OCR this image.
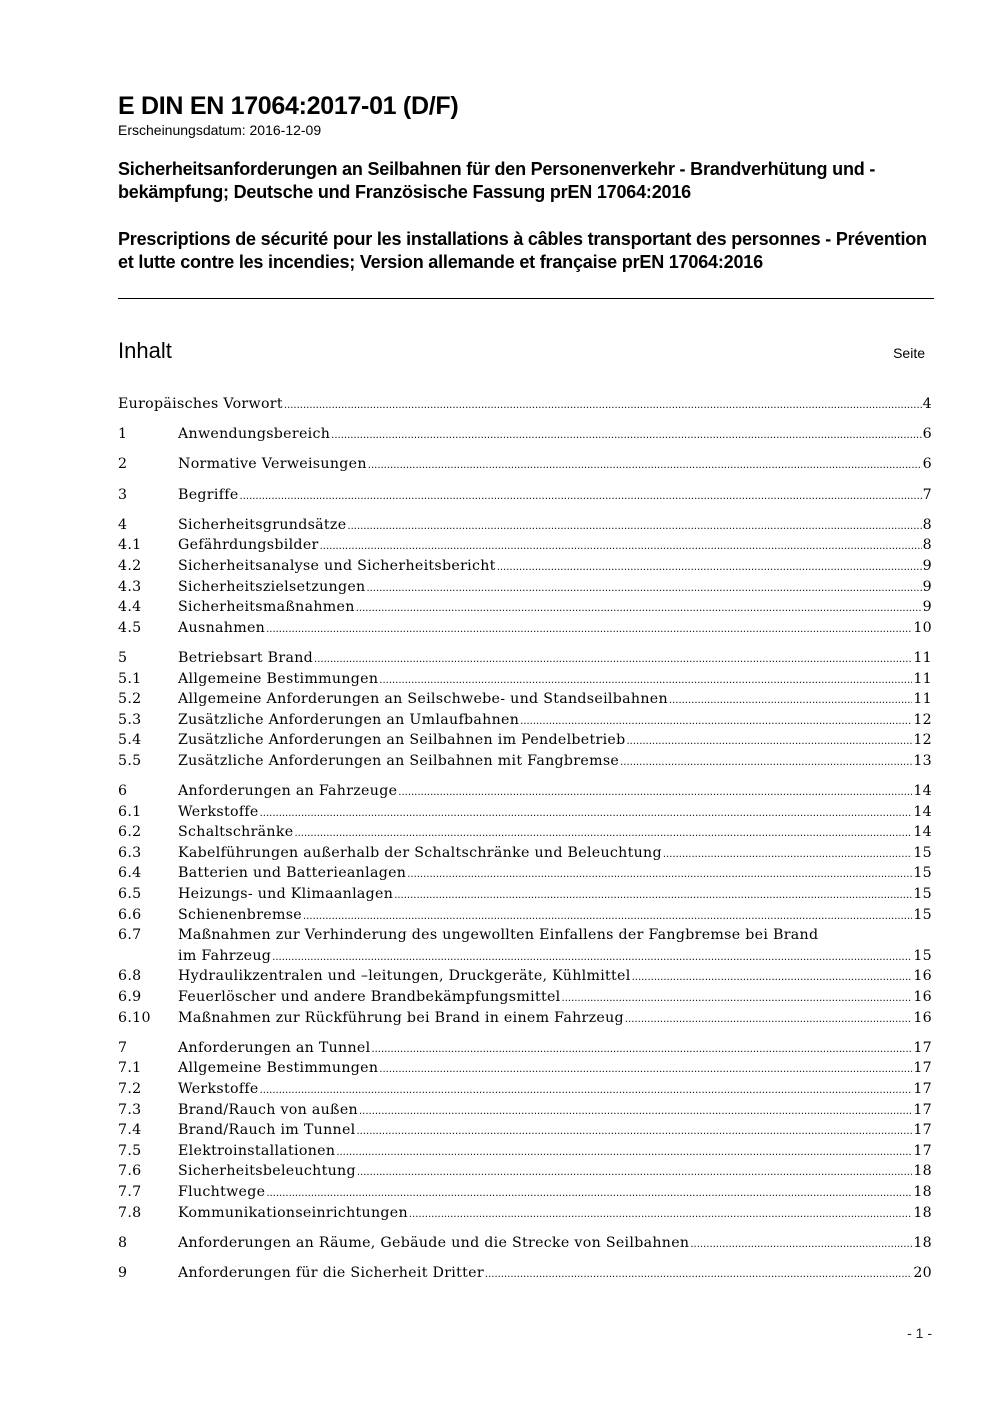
E DIN EN 17064:2017-01 (D/F)
Erscheinungsdatum: 2016-12-09
Sicherheitsanforderungen an Seilbahnen für den Personenverkehr - Brandverhütung und -bekämpfung; Deutsche und Französische Fassung prEN 17064:2016
Prescriptions de sécurité pour les installations à câbles transportant des personnes - Prévention et lutte contre les incendies; Version allemande et française prEN 17064:2016
Inhalt	Seite
Europäisches Vorwort .....	4
1	Anwendungsbereich .....	6
2	Normative Verweisungen .....	6
3	Begriffe .....	7
4	Sicherheitsgrundsätze .....	8
4.1	Gefährdungsbilder .....	8
4.2	Sicherheitsanalyse und Sicherheitsbericht .....	9
4.3	Sicherheitszielsetzungen .....	9
4.4	Sicherheitsmaßnahmen .....	9
4.5	Ausnahmen .....	10
5	Betriebsart Brand .....	11
5.1	Allgemeine Bestimmungen .....	11
5.2	Allgemeine Anforderungen an Seilschwebe- und Standseilbahnen .....	11
5.3	Zusätzliche Anforderungen an Umlaufbahnen .....	12
5.4	Zusätzliche Anforderungen an Seilbahnen im Pendelbetrieb .....	12
5.5	Zusätzliche Anforderungen an Seilbahnen mit Fangbremse .....	13
6	Anforderungen an Fahrzeuge .....	14
6.1	Werkstoffe .....	14
6.2	Schaltschränke .....	14
6.3	Kabelführungen außerhalb der Schaltschränke und Beleuchtung .....	15
6.4	Batterien und Batterieanlagen .....	15
6.5	Heizungs- und Klimaanlagen .....	15
6.6	Schienenbremse .....	15
6.7	Maßnahmen zur Verhinderung des ungewollten Einfallens der Fangbremse bei Brand
im Fahrzeug .....	15
6.8	Hydraulikzentralen und –leitungen, Druckgeräte, Kühlmittel .....	16
6.9	Feuerlöscher und andere Brandbekämpfungsmittel .....	16
6.10	Maßnahmen zur Rückführung bei Brand in einem Fahrzeug .....	16
7	Anforderungen an Tunnel .....	17
7.1	Allgemeine Bestimmungen .....	17
7.2	Werkstoffe .....	17
7.3	Brand/Rauch von außen .....	17
7.4	Brand/Rauch im Tunnel .....	17
7.5	Elektroinstallationen .....	17
7.6	Sicherheitsbeleuchtung .....	18
7.7	Fluchtwege .....	18
7.8	Kommunikationseinrichtungen .....	18
8	Anforderungen an Räume, Gebäude und die Strecke von Seilbahnen .....	18
9	Anforderungen für die Sicherheit Dritter .....	20
- 1 -
